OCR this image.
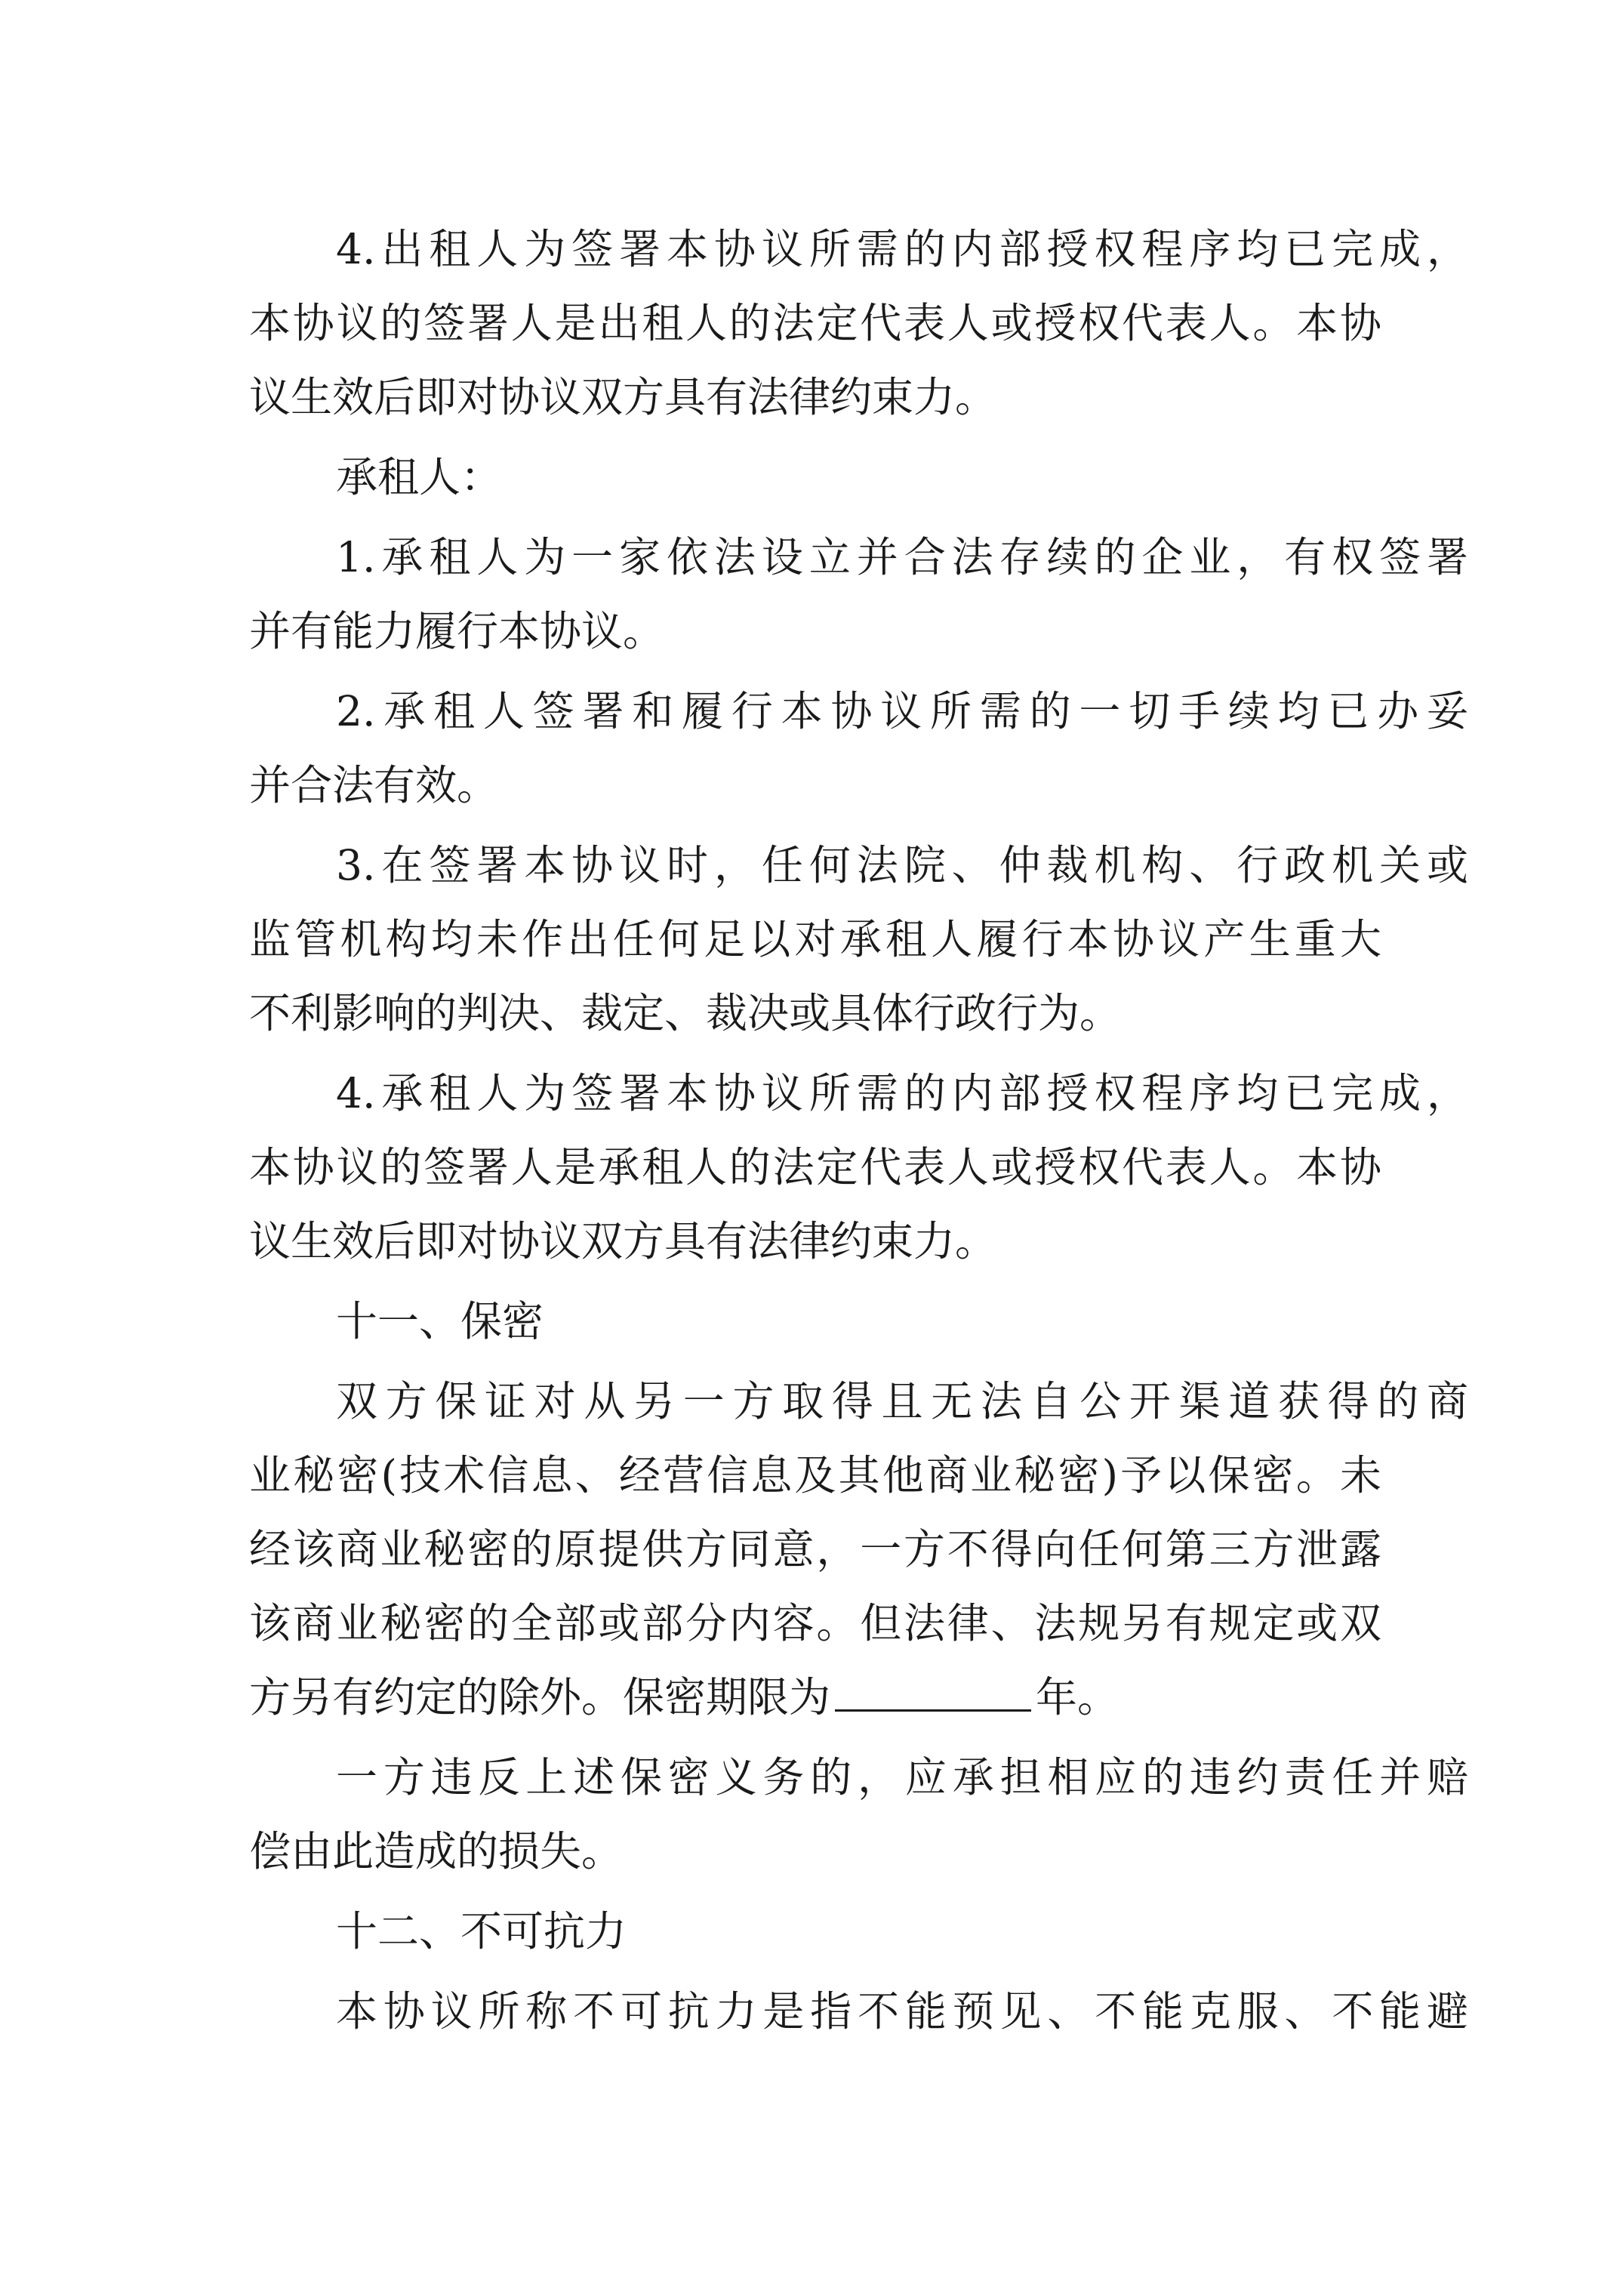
4.出租人为签署本协议所需的内部授权程序均已完成，
本协议的签署人是出租人的法定代表人或授权代表人。本协
议生效后即对协议双方具有法律约束力。
承租人：
1.承租人为一家依法设立并合法存续的企业，有权签署
并有能力履行本协议。
2.承租人签署和履行本协议所需的一切手续均已办妥
并合法有效。
3.在签署本协议时，任何法院、仲裁机构、行政机关或
监管机构均未作出任何足以对承租人履行本协议产生重大
不利影响的判决、裁定、裁决或具体行政行为。
4.承租人为签署本协议所需的内部授权程序均已完成，
本协议的签署人是承租人的法定代表人或授权代表人。本协
议生效后即对协议双方具有法律约束力。
十一、保密
双方保证对从另一方取得且无法自公开渠道获得的商
业秘密(技术信息、经营信息及其他商业秘密)予以保密。未
经该商业秘密的原提供方同意，一方不得向任何第三方泄露
该商业秘密的全部或部分内容。但法律、法规另有规定或双
方另有约定的除外。保密期限为	年。
一方违反上述保密义务的，应承担相应的违约责任并赔
偿由此造成的损失。
十二、不可抗力
本协议所称不可抗力是指不能预见、不能克服、不能避
